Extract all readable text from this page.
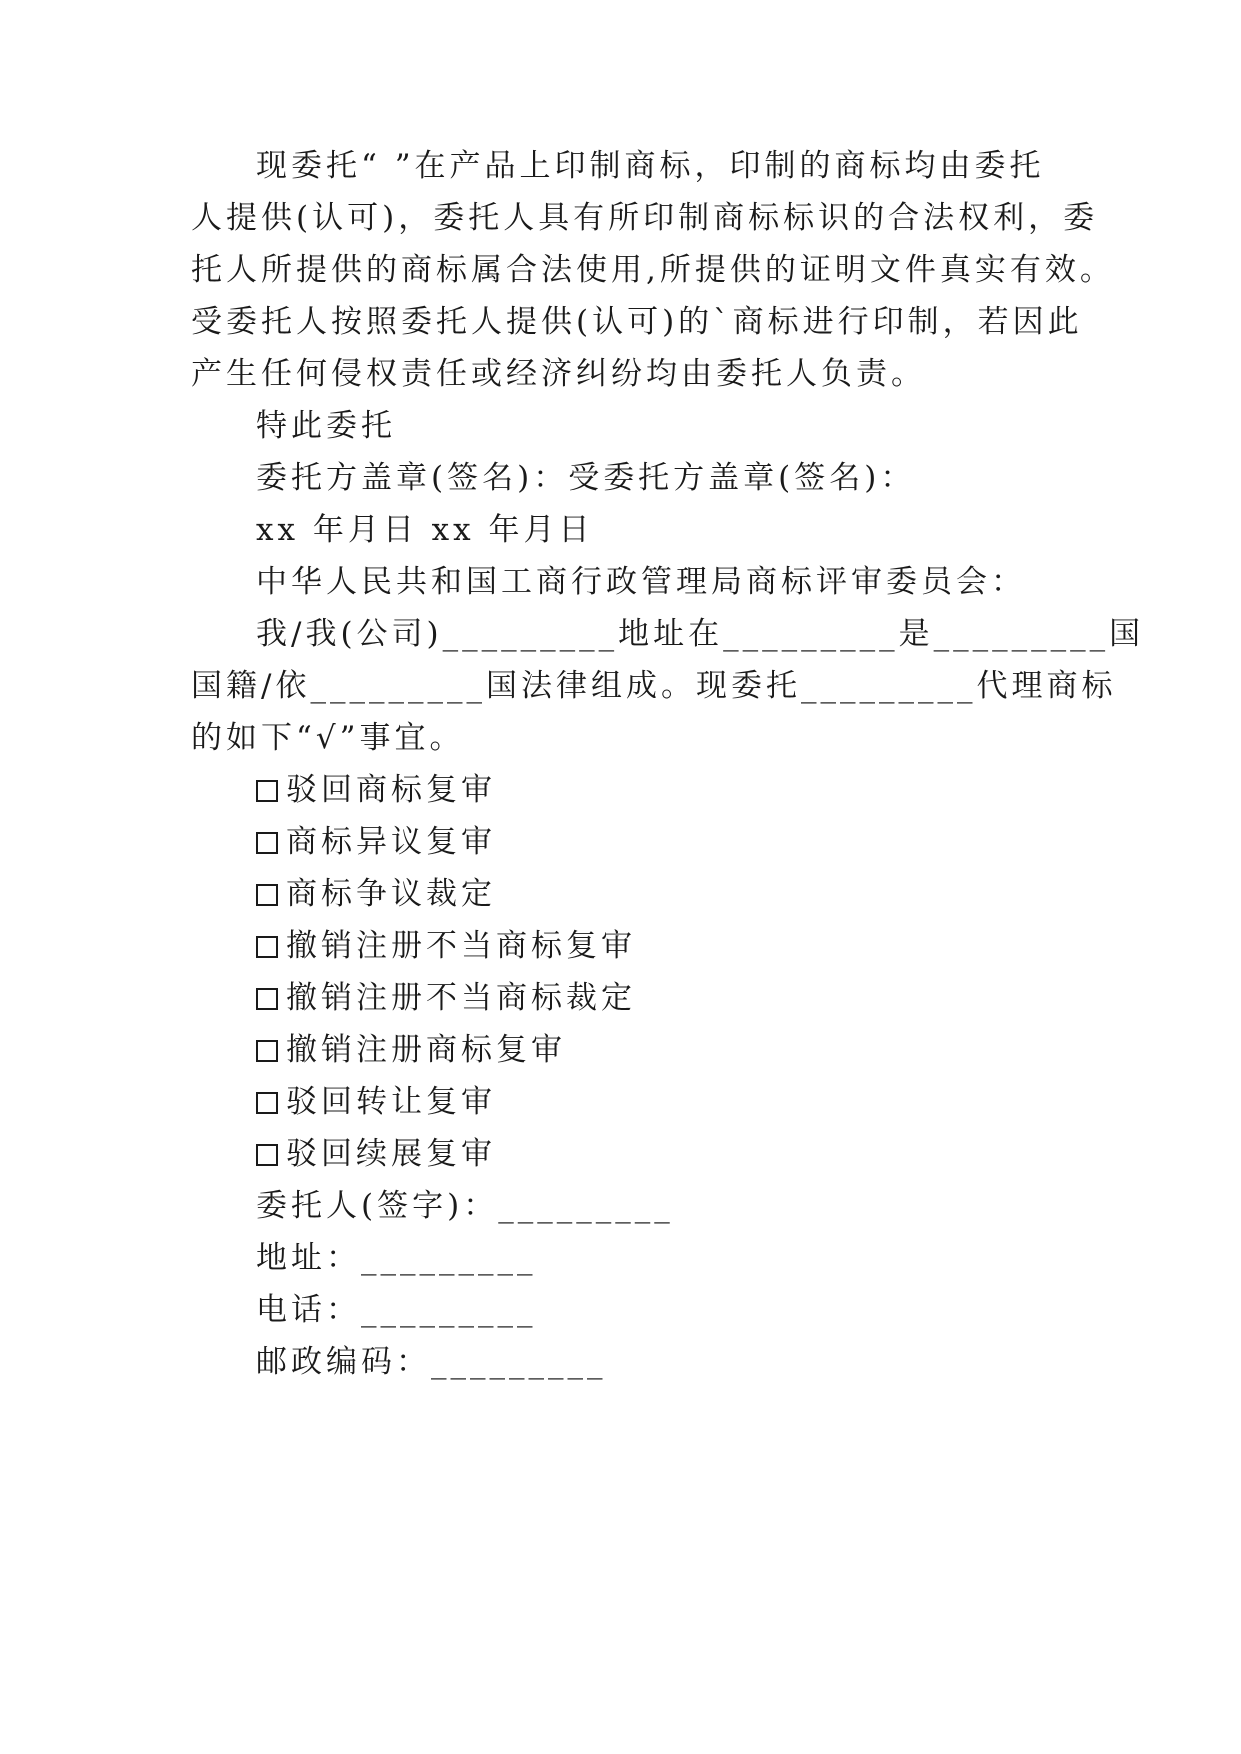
现委托“ ”在产品上印制商标，印制的商标均由委托
人提供(认可)，委托人具有所印制商标标识的合法权利，委
托人所提供的商标属合法使用,所提供的证明文件真实有效。
受委托人按照委托人提供(认可)的`商标进行印制，若因此
产生任何侵权责任或经济纠纷均由委托人负责。
特此委托
委托方盖章(签名)：受委托方盖章(签名)：
xx 年月日 xx 年月日
中华人民共和国工商行政管理局商标评审委员会：
我/我(公司)_________地址在_________是_________国
国籍/依_________国法律组成。现委托_________代理商标
的如下“√”事宜。
驳回商标复审
商标异议复审
商标争议裁定
撤销注册不当商标复审
撤销注册不当商标裁定
撤销注册商标复审
驳回转让复审
驳回续展复审
委托人(签字)：_________
地址：_________
电话：_________
邮政编码：_________
